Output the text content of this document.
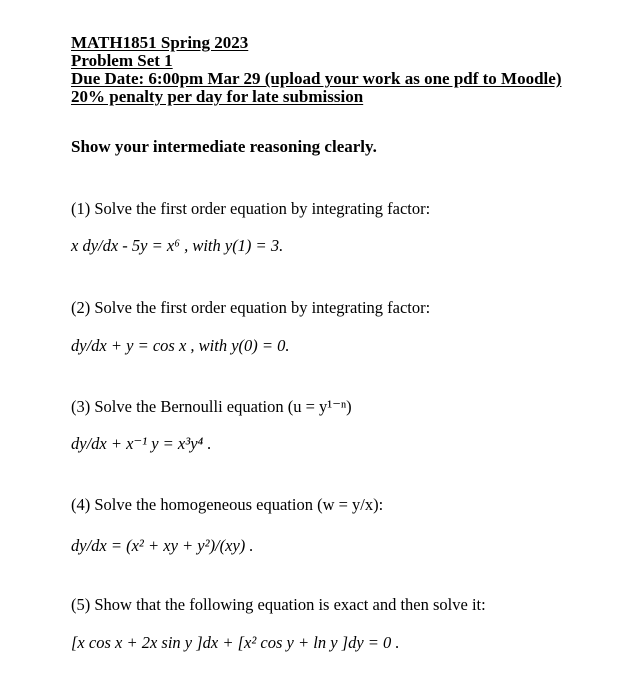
MATH1851 Spring 2023
Problem Set 1
Due Date: 6:00pm Mar 29 (upload your work as one pdf to Moodle)
20% penalty per day for late submission
Show your intermediate reasoning clearly.
(1) Solve the first order equation by integrating factor:
x dy/dx - 5y = x⁶ , with y(1) = 3.
(2) Solve the first order equation by integrating factor:
dy/dx + y = cos x , with y(0) = 0.
(3) Solve the Bernoulli equation (u = y¹⁻ⁿ)
dy/dx + x⁻¹ y = x³y⁴ .
(4) Solve the homogeneous equation (w = y/x):
dy/dx = (x² + xy + y²)/(xy) .
(5) Show that the following equation is exact and then solve it:
[x cos x + 2x sin y ]dx + [x² cos y + ln y ]dy = 0 .
